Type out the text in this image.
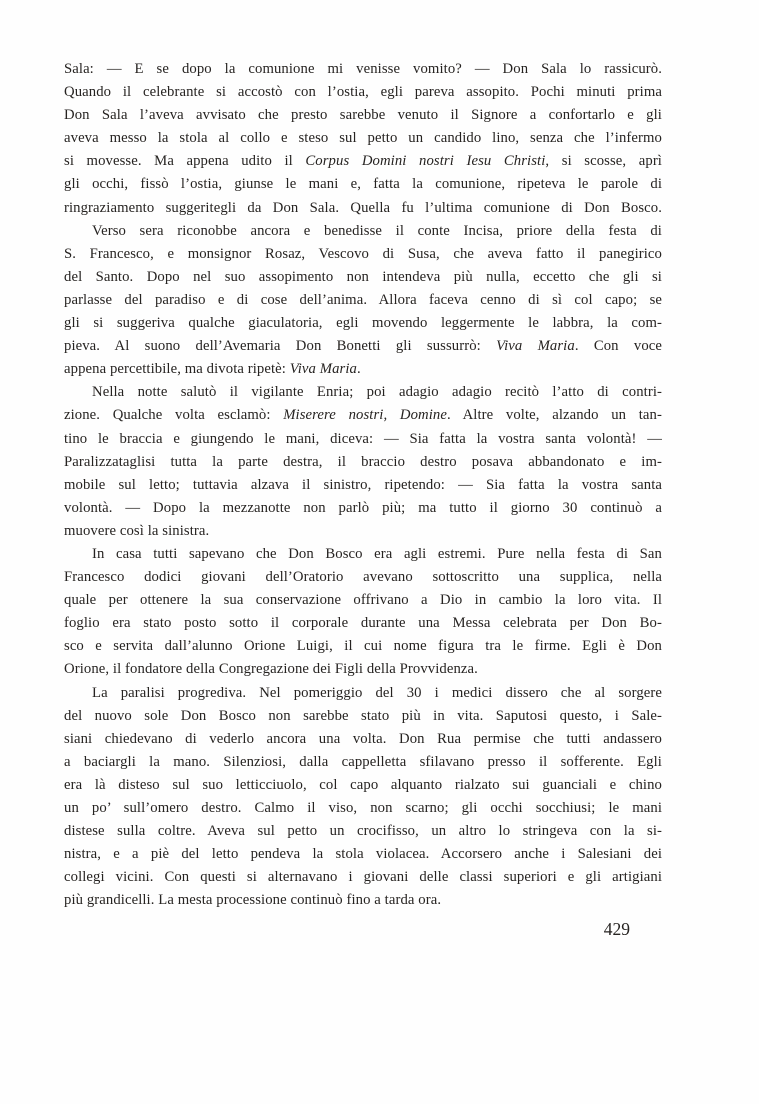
Sala: — E se dopo la comunione mi venisse vomito? — Don Sala lo rassicurò.
Quando il celebrante si accostò con l’ostia, egli pareva assopito. Pochi minuti prima
Don Sala l’aveva avvisato che presto sarebbe venuto il Signore a confortarlo e gli
aveva messo la stola al collo e steso sul petto un candido lino, senza che l’infermo
si movesse. Ma appena udito il Corpus Domini nostri Iesu Christi, si scosse, aprì
gli occhi, fissò l’ostia, giunse le mani e, fatta la comunione, ripeteva le parole di
ringraziamento suggeritegli da Don Sala. Quella fu l’ultima comunione di Don Bosco.
Verso sera riconobbe ancora e benedisse il conte Incisa, priore della festa di
S. Francesco, e monsignor Rosaz, Vescovo di Susa, che aveva fatto il panegirico
del Santo. Dopo nel suo assopimento non intendeva più nulla, eccetto che gli si
parlasse del paradiso e di cose dell’anima. Allora faceva cenno di sì col capo; se
gli si suggeriva qualche giaculatoria, egli movendo leggermente le labbra, la com-
pieva. Al suono dell’Avemaria Don Bonetti gli sussurrò: Viva Maria. Con voce
appena percettibile, ma divota ripetè: Viva Maria.
Nella notte salutò il vigilante Enria; poi adagio adagio recitò l’atto di contri-
zione. Qualche volta esclamò: Miserere nostri, Domine. Altre volte, alzando un tan-
tino le braccia e giungendo le mani, diceva: — Sia fatta la vostra santa volontà! —
Paralizzataglisi tutta la parte destra, il braccio destro posava abbandonato e im-
mobile sul letto; tuttavia alzava il sinistro, ripetendo: — Sia fatta la vostra santa
volontà. — Dopo la mezzanotte non parlò più; ma tutto il giorno 30 continuò a
muovere così la sinistra.
In casa tutti sapevano che Don Bosco era agli estremi. Pure nella festa di San
Francesco dodici giovani dell’Oratorio avevano sottoscritto una supplica, nella
quale per ottenere la sua conservazione offrivano a Dio in cambio la loro vita. Il
foglio era stato posto sotto il corporale durante una Messa celebrata per Don Bo-
sco e servita dall’alunno Orione Luigi, il cui nome figura tra le firme. Egli è Don
Orione, il fondatore della Congregazione dei Figli della Provvidenza.
La paralisi progrediva. Nel pomeriggio del 30 i medici dissero che al sorgere
del nuovo sole Don Bosco non sarebbe stato più in vita. Saputosi questo, i Sale-
siani chiedevano di vederlo ancora una volta. Don Rua permise che tutti andassero
a baciargli la mano. Silenziosi, dalla cappelletta sfilavano presso il sofferente. Egli
era là disteso sul suo letticciuolo, col capo alquanto rialzato sui guanciali e chino
un po’ sull’omero destro. Calmo il viso, non scarno; gli occhi socchiusi; le mani
distese sulla coltre. Aveva sul petto un crocifisso, un altro lo stringeva con la si-
nistra, e a piè del letto pendeva la stola violacea. Accorsero anche i Salesiani dei
collegi vicini. Con questi si alternavano i giovani delle classi superiori e gli artigiani
più grandicelli. La mesta processione continuò fino a tarda ora.
429
